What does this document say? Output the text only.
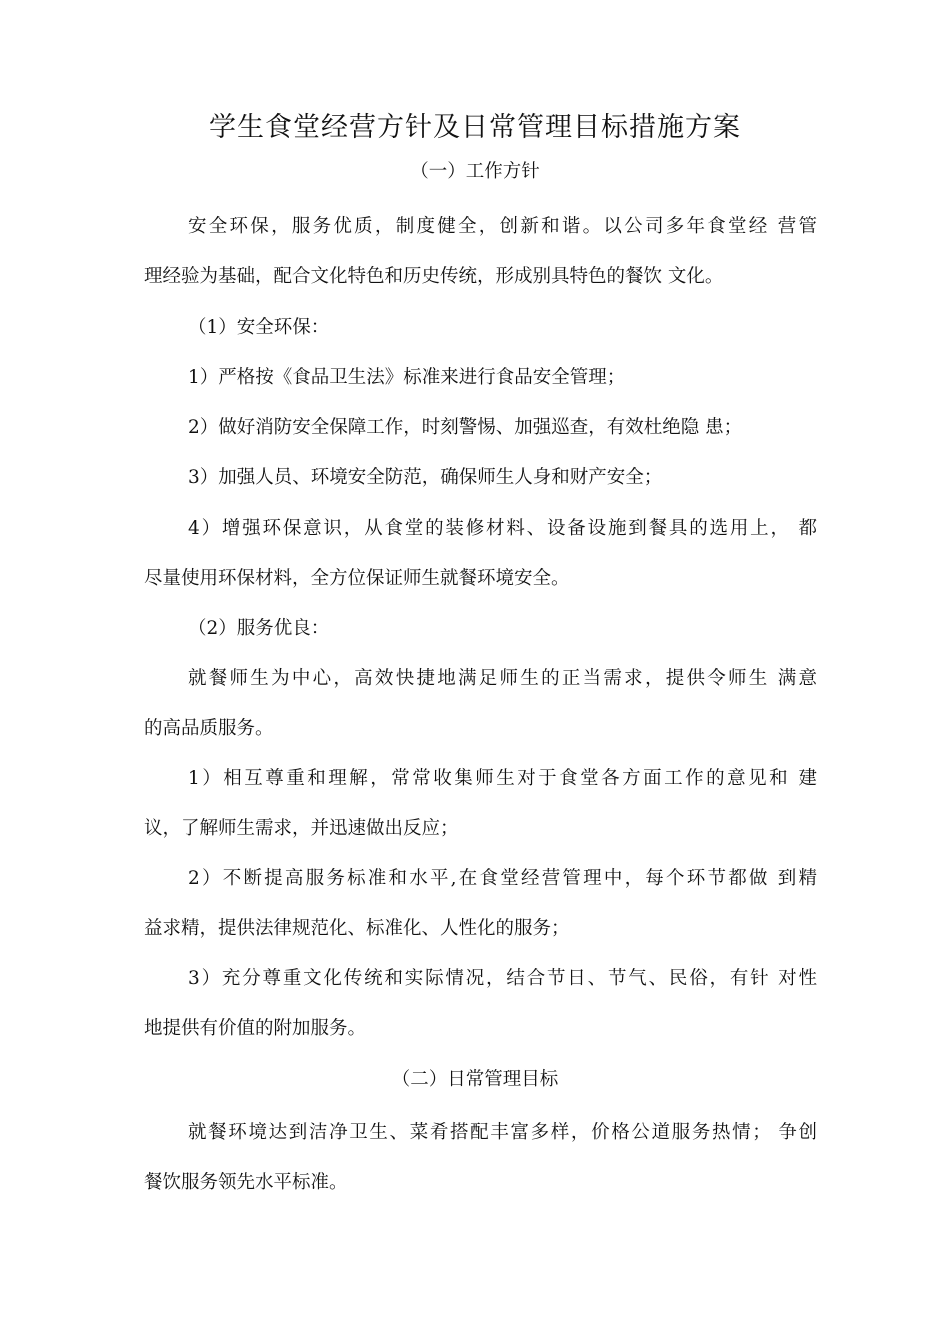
学生食堂经营方针及日常管理目标措施方案
（一）工作方针
安全环保，服务优质，制度健全，创新和谐。以公司多年食堂经 营管
理经验为基础，配合文化特色和历史传统，形成别具特色的餐饮 文化。
（1）安全环保：
1）严格按《食品卫生法》标准来进行食品安全管理；
2）做好消防安全保障工作，时刻警惕、加强巡查，有效杜绝隐 患；
3）加强人员、环境安全防范，确保师生人身和财产安全；
4）增强环保意识，从食堂的装修材料、设备设施到餐具的选用上， 都
尽量使用环保材料，全方位保证师生就餐环境安全。
（2）服务优良：
就餐师生为中心，高效快捷地满足师生的正当需求，提供令师生 满意
的高品质服务。
1）相互尊重和理解，常常收集师生对于食堂各方面工作的意见和 建
议，了解师生需求，并迅速做出反应；
2）不断提高服务标准和水平,在食堂经营管理中，每个环节都做 到精
益求精，提供法律规范化、标准化、人性化的服务；
3）充分尊重文化传统和实际情况，结合节日、节气、民俗，有针 对性
地提供有价值的附加服务。
（二）日常管理目标
就餐环境达到洁净卫生、菜肴搭配丰富多样，价格公道服务热情； 争创
餐饮服务领先水平标准。
